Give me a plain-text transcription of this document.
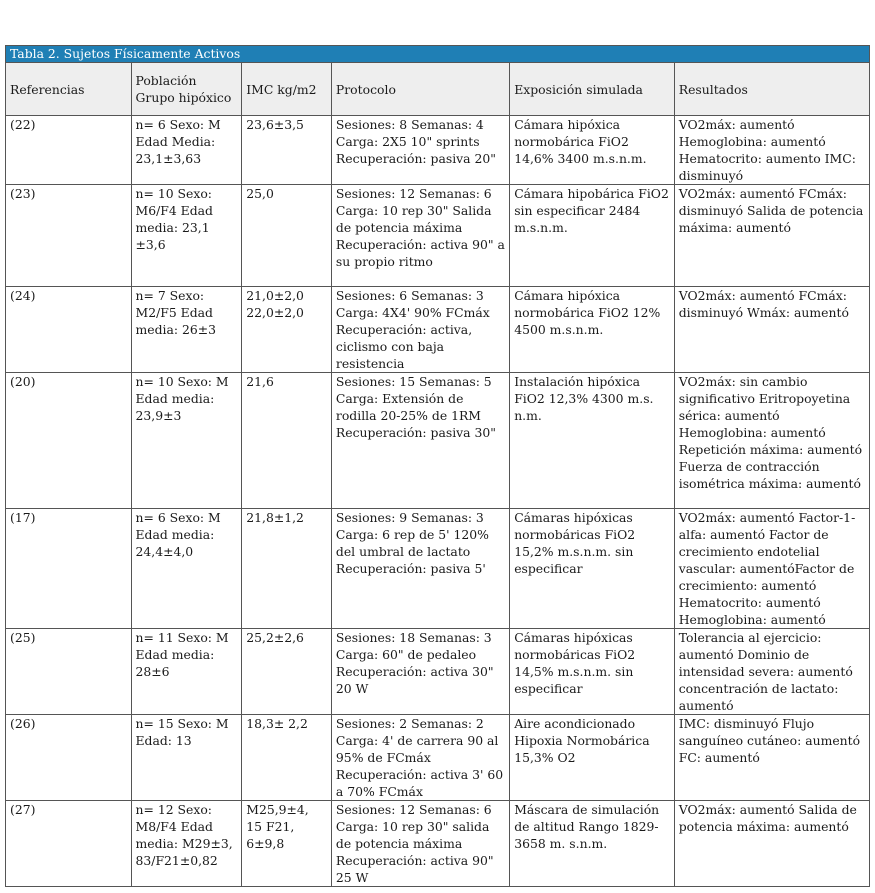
Tabla 2. Sujetos Físicamente Activos					
Referencias	Población Grupo hipóxico	IMC kg/m2	Protocolo	Exposición simulada	Resultados
(22)	n= 6 Sexo: M Edad Media: 23,1±3,63	23,6±3,5	Sesiones: 8 Semanas: 4 Carga: 2X5 10" sprints Recuperación: pasiva 20"	Cámara hipóxica normobárica FiO2 14,6% 3400 m.s.n.m.	VO2máx: aumentó Hemoglobina: aumentó Hematocrito: aumento IMC: disminuyó
(23)	n= 10 Sexo: M6/F4 Edad media: 23,1 ±3,6	25,0	Sesiones: 12 Semanas: 6 Carga: 10 rep 30" Salida de potencia máxima Recuperación: activa 90" a su propio ritmo	Cámara hipobárica FiO2 sin especificar 2484 m.s.n.m.	VO2máx: aumentó FCmáx: disminuyó Salida de potencia máxima: aumentó
(24)	n= 7 Sexo: M2/F5 Edad media: 26±3	21,0±2,0 22,0±2,0	Sesiones: 6 Semanas: 3 Carga: 4X4' 90% FCmáx Recuperación: activa, ciclismo con baja resistencia	Cámara hipóxica normobárica FiO2 12% 4500 m.s.n.m.	VO2máx: aumentó FCmáx: disminuyó Wmáx: aumentó
(20)	n= 10 Sexo: M Edad media: 23,9±3	21,6	Sesiones: 15 Semanas: 5 Carga: Extensión de rodilla 20-25% de 1RM Recuperación: pasiva 30"	Instalación hipóxica FiO2 12,3% 4300 m.s. n.m.	VO2máx: sin cambio significativo Eritropoyetina sérica: aumentó Hemoglobina: aumentó Repetición máxima: aumentó Fuerza de contracción isométrica máxima: aumentó
(17)	n= 6 Sexo: M Edad media: 24,4±4,0	21,8±1,2	Sesiones: 9 Semanas: 3 Carga: 6 rep de 5' 120% del umbral de lactato Recuperación: pasiva 5'	Cámaras hipóxicas normobáricas FiO2 15,2% m.s.n.m. sin especificar	VO2máx: aumentó Factor-1-alfa: aumentó Factor de crecimiento endotelial vascular: aumentóFactor de crecimiento: aumentó Hematocrito: aumentó Hemoglobina: aumentó
(25)	n= 11 Sexo: M Edad media: 28±6	25,2±2,6	Sesiones: 18 Semanas: 3 Carga: 60" de pedaleo Recuperación: activa 30" 20 W	Cámaras hipóxicas normobáricas FiO2 14,5% m.s.n.m. sin especificar	Tolerancia al ejercicio: aumentó Dominio de intensidad severa: aumentó concentración de lactato: aumentó
(26)	n= 15 Sexo: M Edad: 13	18,3± 2,2	Sesiones: 2 Semanas: 2 Carga: 4' de carrera 90 al 95% de FCmáx Recuperación: activa 3' 60 a 70% FCmáx	Aire acondicionado Hipoxia Normobárica 15,3% O2	IMC: disminuyó Flujo sanguíneo cutáneo: aumentó FC: aumentó
(27)	n= 12 Sexo: M8/F4 Edad media: M29±3, 83/F21±0,82	M25,9±4, 15 F21, 6±9,8	Sesiones: 12 Semanas: 6 Carga: 10 rep 30" salida de potencia máxima Recuperación: activa 90" 25 W	Máscara de simulación de altitud Rango 1829-3658 m. s.n.m.	VO2máx: aumentó Salida de potencia máxima: aumentó
